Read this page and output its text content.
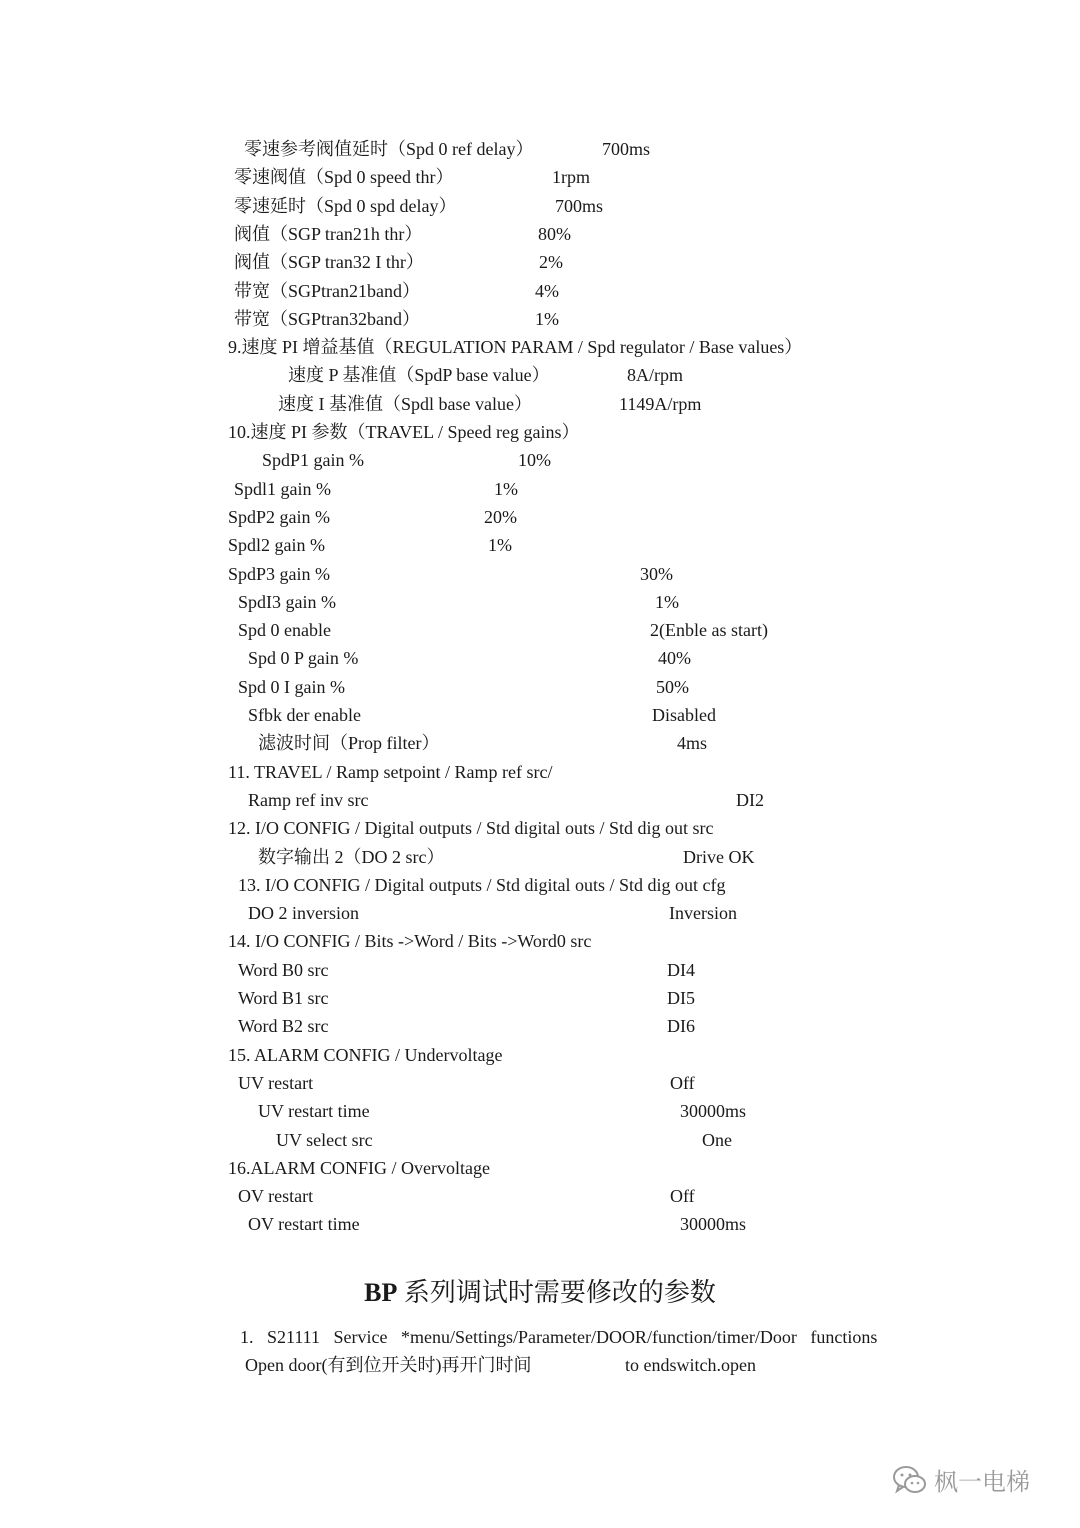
零速参考阀值延时（Spd 0 ref delay）	700ms
零速阀值（Spd 0 speed thr）	1rpm
零速延时（Spd 0 spd delay）	700ms
阀值（SGP tran21h thr）	80%
阀值（SGP tran32 I thr）	2%
带宽（SGPtran21band）	4%
带宽（SGPtran32band）	1%
9.速度 PI 增益基值（REGULATION PARAM / Spd regulator / Base values）
速度 P 基准值（SpdP base value）	8A/rpm
速度 I 基准值（Spdl base value）	1149A/rpm
10.速度 PI 参数（TRAVEL / Speed reg gains）
SpdP1 gain %	10%
Spdl1 gain %	1%
SpdP2 gain %	20%
Spdl2 gain %	1%
SpdP3 gain %	30%
SpdI3 gain %	1%
Spd 0 enable	2(Enble as start)
Spd 0 P gain %	40%
Spd 0 I gain %	50%
Sfbk der enable	Disabled
滤波时间（Prop filter）	4ms
11. TRAVEL / Ramp setpoint / Ramp ref src/
Ramp ref inv src	DI2
12. I/O CONFIG / Digital outputs / Std digital outs / Std dig out src
数字输出 2（DO 2 src）	Drive OK
13. I/O CONFIG / Digital outputs / Std digital outs / Std dig out cfg
DO 2 inversion	Inversion
14. I/O CONFIG / Bits ->Word / Bits ->Word0 src
Word B0 src	DI4
Word B1 src	DI5
Word B2 src	DI6
15. ALARM CONFIG / Undervoltage
UV restart	Off
UV restart time	30000ms
UV select src	One
16.ALARM CONFIG / Overvoltage
OV restart	Off
OV restart time	30000ms
BP 系列调试时需要修改的参数
1.   S21111   Service   *menu/Settings/Parameter/DOOR/function/timer/Door   functions
Open door(有到位开关时)再开门时间	to endswitch.open
枫一电梯
